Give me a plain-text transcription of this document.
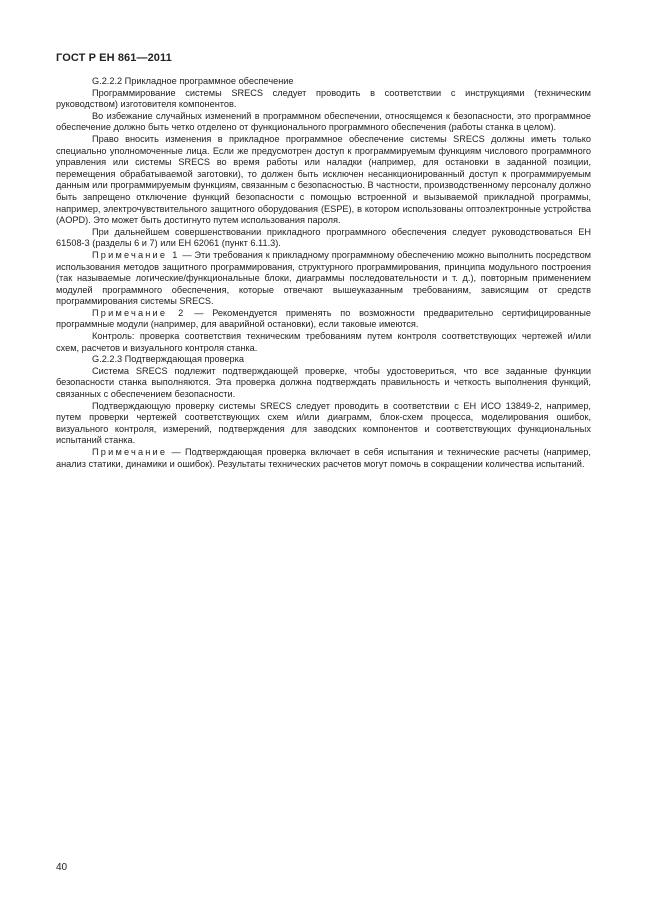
ГОСТ Р ЕН 861—2011

G.2.2.2 Прикладное программное обеспечение

Программирование системы SRECS следует проводить в соответствии с инструкциями (техническим руководством) изготовителя компонентов.

Во избежание случайных изменений в программном обеспечении, относящемся к безопасности, это программное обеспечение должно быть четко отделено от функционального программного обеспечения (работы станка в целом).

Право вносить изменения в прикладное программное обеспечение системы SRECS должны иметь только специально уполномоченные лица. Если же предусмотрен доступ к программируемым функциям числового программного управления или системы SRECS во время работы или наладки (например, для остановки в заданной позиции, перемещения обрабатываемой заготовки), то должен быть исключен несанкционированный доступ к программируемым данным или программируемым функциям, связанным с безопасностью. В частности, производственному персоналу должно быть запрещено отключение функций безопасности с помощью встроенной и вызываемой прикладной программы, например, электрочувствительного защитного оборудования (ESPE), в котором использованы оптоэлектронные устройства (AOPD). Это может быть достигнуто путем использования пароля.

При дальнейшем совершенствовании прикладного программного обеспечения следует руководствоваться ЕН 61508-3 (разделы 6 и 7) или ЕН 62061 (пункт 6.11.3).

Примечание 1 — Эти требования к прикладному программному обеспечению можно выполнить посредством использования методов защитного программирования, структурного программирования, принципа модульного построения (так называемые логические/функциональные блоки, диаграммы последовательности и т. д.), повторным применением модулей программного обеспечения, которые отвечают вышеуказанным требованиям, зависящим от средств программирования системы SRECS.

Примечание 2 — Рекомендуется применять по возможности предварительно сертифицированные программные модули (например, для аварийной остановки), если таковые имеются.

Контроль: проверка соответствия техническим требованиям путем контроля соответствующих чертежей и/или схем, расчетов и визуального контроля станка.

G.2.2.3 Подтверждающая проверка

Система SRECS подлежит подтверждающей проверке, чтобы удостовериться, что все заданные функции безопасности станка выполняются. Эта проверка должна подтверждать правильность и четкость выполнения функций, связанных с обеспечением безопасности.

Подтверждающую проверку системы SRECS следует проводить в соответствии с ЕН ИСО 13849-2, например, путем проверки чертежей соответствующих схем и/или диаграмм, блок-схем процесса, моделирования ошибок, визуального контроля, измерений, подтверждения для заводских компонентов и соответствующих функциональных испытаний станка.

Примечание — Подтверждающая проверка включает в себя испытания и технические расчеты (например, анализ статики, динамики и ошибок). Результаты технических расчетов могут помочь в сокращении количества испытаний.

40
